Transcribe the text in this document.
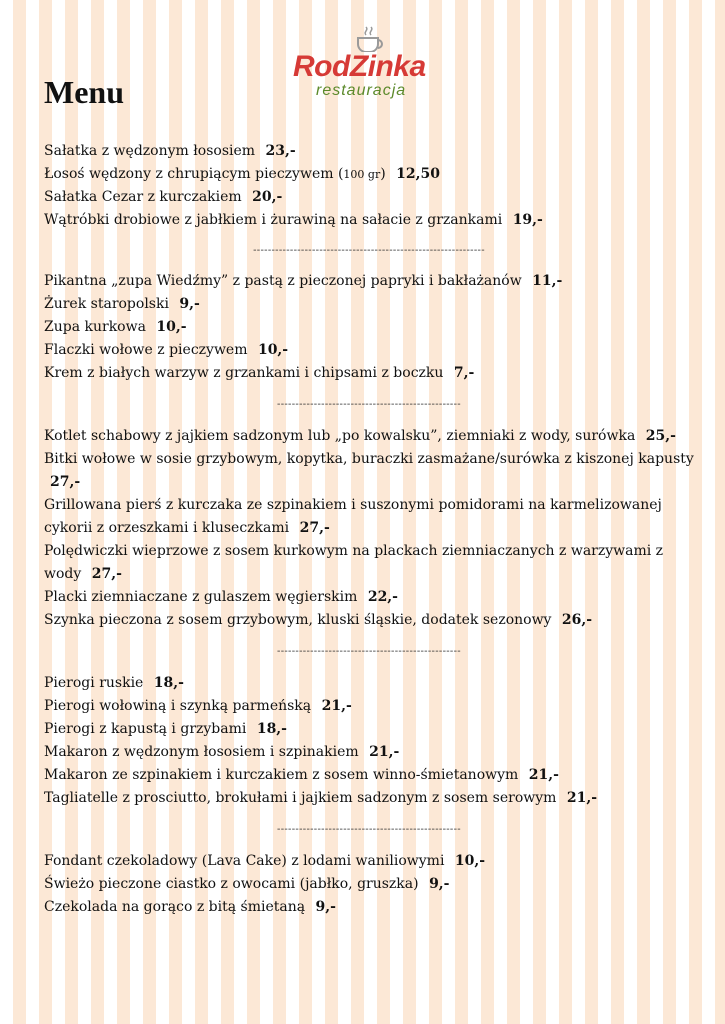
Menu
RodZinka
restauracja
Sałatka z wędzonym łososiem 23,-
Łosoś wędzony z chrupiącym pieczywem (100 gr) 12,50
Sałatka Cezar z kurczakiem 20,-
Wątróbki drobiowe z jabłkiem i żurawiną na sałacie z grzankami 19,-
---------------------------------------------------------------
Pikantna „zupa Wiedźmy” z pastą z pieczonej papryki i bakłażanów 11,-
Żurek staropolski 9,-
Zupa kurkowa 10,-
Flaczki wołowe z pieczywem 10,-
Krem z białych warzyw z grzankami i chipsami z boczku 7,-
--------------------------------------------------
Kotlet schabowy z jajkiem sadzonym lub „po kowalsku”, ziemniaki z wody, surówka 25,-
Bitki wołowe w sosie grzybowym, kopytka, buraczki zasmażane/surówka z kiszonej kapusty 27,-
Grillowana pierś z kurczaka ze szpinakiem i suszonymi pomidorami na karmelizowanej cykorii z orzeszkami i kluseczkami 27,-
Polędwiczki wieprzowe z sosem kurkowym na plackach ziemniaczanych z warzywami z wody 27,-
Placki ziemniaczane z gulaszem węgierskim 22,-
Szynka pieczona z sosem grzybowym, kluski śląskie, dodatek sezonowy 26,-
--------------------------------------------------
Pierogi ruskie 18,-
Pierogi wołowiną i szynką parmeńską 21,-
Pierogi z kapustą i grzybami 18,-
Makaron z wędzonym łososiem i szpinakiem 21,-
Makaron ze szpinakiem i kurczakiem z sosem winno-śmietanowym 21,-
Tagliatelle z prosciutto, brokułami i jajkiem sadzonym z sosem serowym 21,-
--------------------------------------------------
Fondant czekoladowy (Lava Cake) z lodami waniliowymi 10,-
Świeżo pieczone ciastko z owocami (jabłko, gruszka) 9,-
Czekolada na gorąco z bitą śmietaną 9,-
